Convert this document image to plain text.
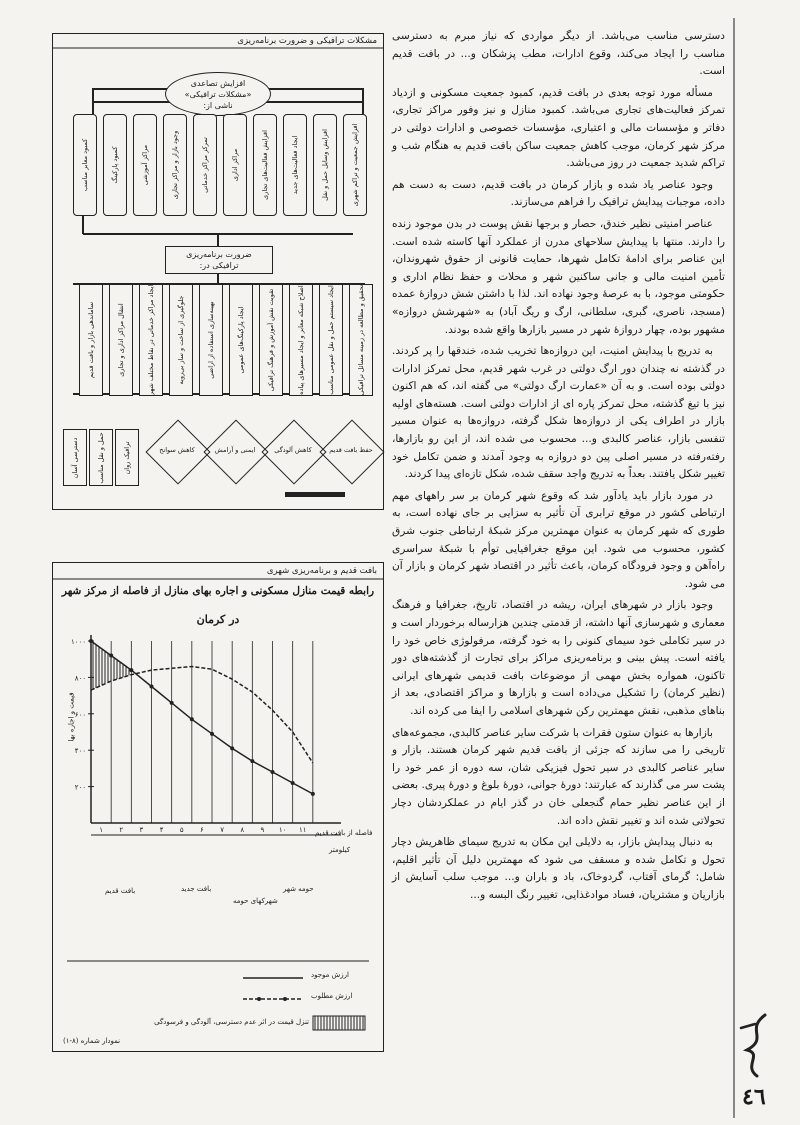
مشکلات ترافیکی و ضرورت برنامه‌ریزی
افزایش تصاعدی
«مشکلات ترافیکی»
ناشی از:
افزایش جمعیت و تراکم شهری
افزایش وسایل حمل و نقل
ایجاد فعالیت‌های جدید
افزایش فعالیت‌های تجاری
مراکز اداری
تمرکز مراکز خدماتی
وجود بازار و مراکز تجاری
مراکز آموزشی
کمبود پارکینگ
کمبود معابر مناسب
ضرورت برنامه‌ریزی
ترافیکی در:
تحقیق و مطالعه در زمینه مسائل ترافیکی
ایجاد سیستم حمل و نقل عمومی مناسب
اصلاح شبکه معابر و ایجاد مسیرهای پیاده
تقویت نقش آموزش و فرهنگ ترافیکی
ایجاد پارکینگ‌های عمومی
بهینه‌سازی استفاده از اراضی
جلوگیری از ساخت و ساز بی‌رویه
ایجاد مراکز خدماتی در نقاط مختلف شهر
انتقال مراکز اداری و تجاری
ساماندهی بازار و بافت قدیم
حفظ بافت قدیم
کاهش آلودگی
ایمنی و آرامش
کاهش سوانح
ترافیک روان
حمل و نقل مناسب
دسترسی آسان
بافت قدیم و برنامه‌ریزی شهری
رابطه قیمت منازل مسکونی و اجاره بهای منازل از فاصله از مرکز شهر
در کرمان
۲۰۰
۴۰۰
۶۰۰
۸۰۰
۱۰۰۰
۱ ۲ ۳ ۴ ۵ ۶ ۷ ۸ ۹ ۱۰ ۱۱
قیمت و اجاره بها
فاصله از بافت قدیم
کیلومتر
بافت قدیم	بافت جدید	حومه شهر
شهرکهای حومه
ارزش موجود
ارزش مطلوب
تنزل قیمت در اثر عدم دسترسی، آلودگی و فرسودگی
نمودار شماره (۸-۱)

دسترسی مناسب می‌باشد. از دیگر مواردی که نیاز مبرم به دسترسی مناسب را ایجاد می‌کند، وقوع ادارات، مطب پزشکان و... در بافت قدیم است.

مسأله مورد توجه بعدی در بافت قدیم، کمبود جمعیت مسکونی و ازدیاد تمرکز فعالیت‌های تجاری می‌باشد. کمبود منازل و نیز وفور مراکز تجاری، دفاتر و مؤسسات مالی و اعتباری، مؤسسات خصوصی و ادارات دولتی در مرکز شهر کرمان، موجب کاهش جمعیت ساکن بافت قدیم به هنگام شب و تراکم شدید جمعیت در روز می‌باشد.

وجود عناصر یاد شده و بازار کرمان در بافت قدیم، دست به دست هم داده، موجبات پیدایش ترافیک را فراهم می‌سازند.

عناصر امنیتی نظیر خندق، حصار و برجها نقش پوست در بدن موجود زنده را دارند. منتها با پیدایش سلاحهای مدرن از عملکرد آنها کاسته شده است. این عناصر برای ادامهٔ تکامل شهرها، حمایت قانونی از حقوق شهروندان، تأمین امنیت مالی و جانی ساکنین شهر و محلات و حفظ نظام اداری و حکومتی موجود، با به عرصهٔ وجود نهاده اند. لذا با داشتن شش دروازهٔ عمده (مسجد، ناصری، گبری، سلطانی، ارگ و ریگ آباد) به «شهرشش دروازه» مشهور بوده، چهار دروازهٔ شهر در مسیر بازارها واقع شده بودند.

به تدریج با پیدایش امنیت، این دروازه‌ها تخریب شده، خندقها را پر کردند. در گذشته نه چندان دور ارگ دولتی در غرب شهر قدیم، محل تمرکز ادارات دولتی بوده است. و به آن «عمارت ارگ دولتی» می گفته اند، که هم اکنون نیز با تیغ گذشته، محل تمرکز پاره ای از ادارات دولتی است. هسته‌های اولیه بازار در اطراف یکی از دروازه‌ها شکل گرفته، دروازه‌ها به عنوان مسیر تنفسی بازار، عناصر کالبدی و... محسوب می شده اند، از این رو بازارها، رفته‌رفته در مسیر اصلی پین دو دروازه به وجود آمدند و ضمن تکامل خود تغییر شکل یافتند. بعداً به تدریج واجد سقف شده، شکل تازه‌ای پیدا کردند.

در مورد بازار باید یادآور شد که وقوع شهر کرمان بر سر راههای مهم ارتباطی کشور در موقع ترابری آن تأثیر به سزایی بر جای نهاده است، به طوری که شهر کرمان به عنوان مهمترین مرکز شبکهٔ ارتباطی جنوب شرق کشور، محسوب می شود. این موقع جغرافیایی توأم با شبکهٔ سراسری راه‌آهن و وجود فرودگاه کرمان، باعث تأثیر در اقتصاد شهر کرمان و بازار آن می شود.

وجود بازار در شهرهای ایران، ریشه در اقتصاد، تاریخ، جغرافیا و فرهنگ معماری و شهرسازی آنها داشته، از قدمتی چندین هزارساله برخوردار است و در سیر تکاملی خود سیمای کنونی را به خود گرفته، مرفولوژی خاص خود را یافته است. پیش بینی و برنامه‌ریزی مراکز برای تجارت از گذشته‌های دور تاکنون، همواره بخش مهمی از موضوعات بافت قدیمی شهرهای ایرانی (نظیر کرمان) را تشکیل می‌داده است و بازارها و مراکز اقتصادی، بعد از بناهای مذهبی، نقش مهمترین رکن شهرهای اسلامی را ایفا می کرده اند.

بازارها به عنوان ستون فقرات با شرکت سایر عناصر کالبدی، مجموعه‌های تاریخی را می سازند که جزئی از بافت قدیم شهر کرمان هستند. بازار و سایر عناصر کالبدی در سیر تحول فیزیکی شان، سه دوره از عمر خود را پشت سر می گذارند که عبارتند: دورهٔ جوانی، دورهٔ بلوغ و دورهٔ پیری. بعضی از این عناصر نظیر حمام گنجعلی خان در گذر ایام در عملکردشان دچار تحولاتی شده اند و تغییر نقش داده اند.

به دنبال پیدایش بازار، به دلایلی این مکان به تدریج سیمای ظاهریش دچار تحول و تکامل شده و مسقف می شود که مهمترین دلیل آن تأثیر اقلیم، شامل: گرمای آفتاب، گردوخاک، باد و باران و... موجب سلب آسایش از بازاریان و مشتریان، فساد موادغذایی، تغییر رنگ البسه و...

٤٦
